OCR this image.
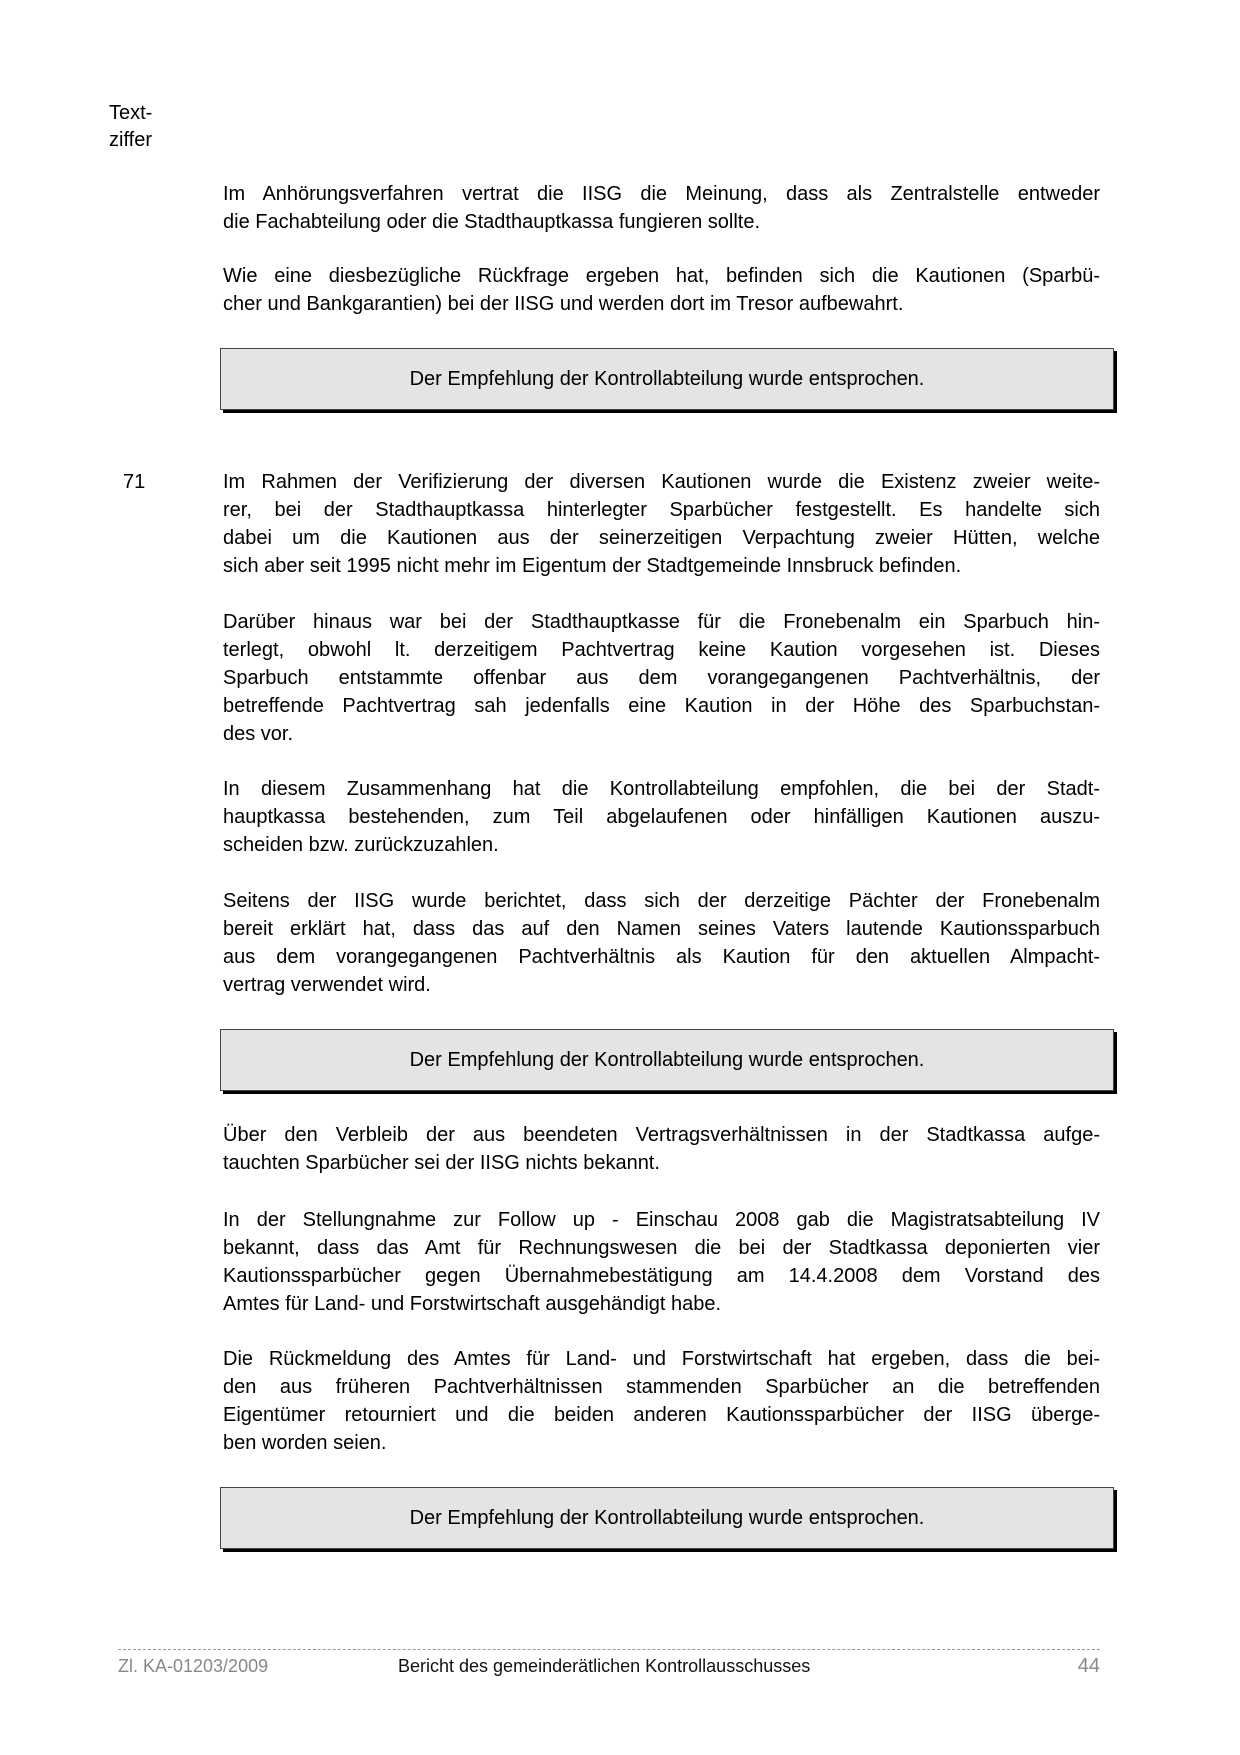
Text-
ziffer
Im Anhörungsverfahren vertrat die IISG die Meinung, dass als Zentralstelle entweder
die Fachabteilung oder die Stadthauptkassa fungieren sollte.
Wie eine diesbezügliche Rückfrage ergeben hat, befinden sich die Kautionen (Sparbü-
cher und Bankgarantien) bei der IISG und werden dort im Tresor aufbewahrt.
Der Empfehlung der Kontrollabteilung wurde entsprochen.
71	Im Rahmen der Verifizierung der diversen Kautionen wurde die Existenz zweier weite-
rer, bei der Stadthauptkassa hinterlegter Sparbücher festgestellt. Es handelte sich
dabei um die Kautionen aus der seinerzeitigen Verpachtung zweier Hütten, welche
sich aber seit 1995 nicht mehr im Eigentum der Stadtgemeinde Innsbruck befinden.
Darüber hinaus war bei der Stadthauptkasse für die Fronebenalm ein Sparbuch hin-
terlegt, obwohl lt. derzeitigem Pachtvertrag keine Kaution vorgesehen ist. Dieses
Sparbuch entstammte offenbar aus dem vorangegangenen Pachtverhältnis, der
betreffende Pachtvertrag sah jedenfalls eine Kaution in der Höhe des Sparbuchstan-
des vor.
In diesem Zusammenhang hat die Kontrollabteilung empfohlen, die bei der Stadt-
hauptkassa bestehenden, zum Teil abgelaufenen oder hinfälligen Kautionen auszu-
scheiden bzw. zurückzuzahlen.
Seitens der IISG wurde berichtet, dass sich der derzeitige Pächter der Fronebenalm
bereit erklärt hat, dass das auf den Namen seines Vaters lautende Kautionssparbuch
aus dem vorangegangenen Pachtverhältnis als Kaution für den aktuellen Almpacht-
vertrag verwendet wird.
Der Empfehlung der Kontrollabteilung wurde entsprochen.
Über den Verbleib der aus beendeten Vertragsverhältnissen in der Stadtkassa aufge-
tauchten Sparbücher sei der IISG nichts bekannt.
In der Stellungnahme zur Follow up - Einschau 2008 gab die Magistratsabteilung IV
bekannt, dass das Amt für Rechnungswesen die bei der Stadtkassa deponierten vier
Kautionssparbücher gegen Übernahmebestätigung am 14.4.2008 dem Vorstand des
Amtes für Land- und Forstwirtschaft ausgehändigt habe.
Die Rückmeldung des Amtes für Land- und Forstwirtschaft hat ergeben, dass die bei-
den aus früheren Pachtverhältnissen stammenden Sparbücher an die betreffenden
Eigentümer retourniert und die beiden anderen Kautionssparbücher der IISG überge-
ben worden seien.
Der Empfehlung der Kontrollabteilung wurde entsprochen.
Zl. KA-01203/2009	Bericht des gemeinderätlichen Kontrollausschusses	44
